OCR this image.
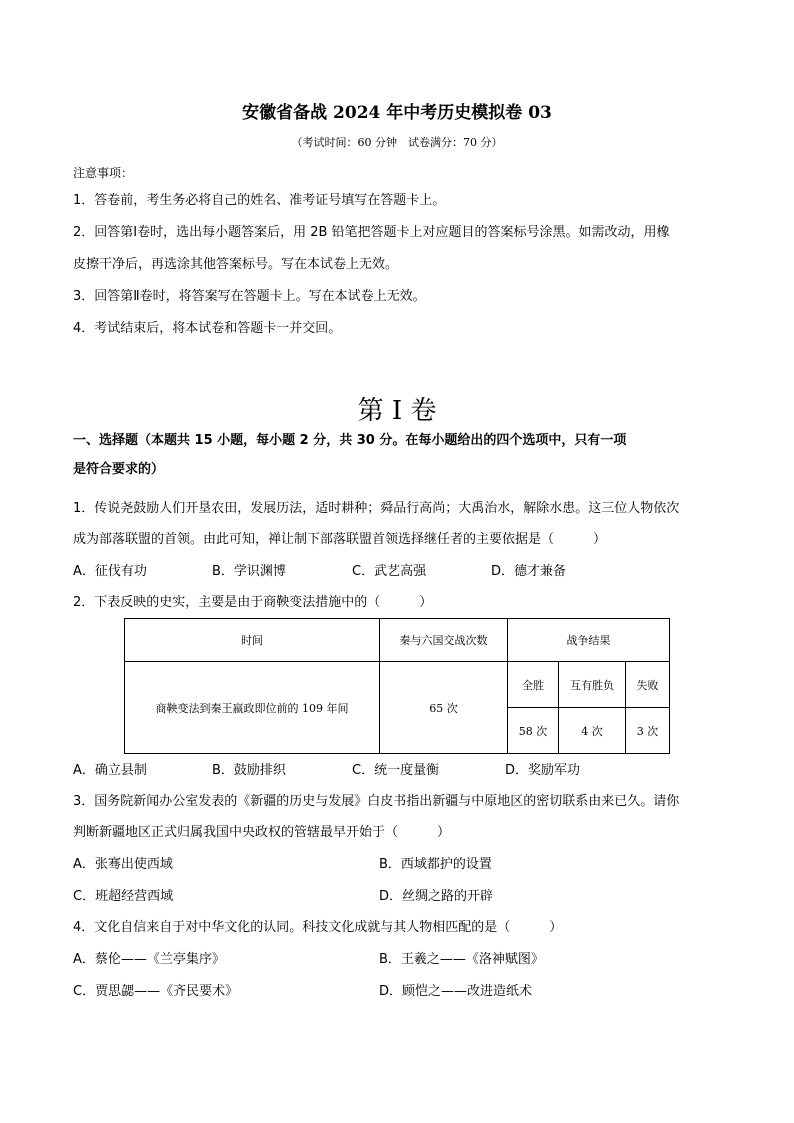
安徽省备战 2024 年中考历史模拟卷 03
（考试时间：60 分钟　试卷满分：70 分）
注意事项：
1．答卷前，考生务必将自己的姓名、准考证号填写在答题卡上。
2．回答第Ⅰ卷时，选出每小题答案后，用 2B 铅笔把答题卡上对应题目的答案标号涂黑。如需改动，用橡
皮擦干净后，再选涂其他答案标号。写在本试卷上无效。
3．回答第Ⅱ卷时，将答案写在答题卡上。写在本试卷上无效。
4．考试结束后，将本试卷和答题卡一并交回。
第 I 卷
一、选择题（本题共 15 小题，每小题 2 分，共 30 分。在每小题给出的四个选项中，只有一项
是符合要求的）
1．传说尧鼓励人们开垦农田，发展历法，适时耕种；舜品行高尚；大禹治水，解除水患。这三位人物依次
成为部落联盟的首领。由此可知，禅让制下部落联盟首领选择继任者的主要依据是（　　　）
A．征伐有功	B．学识渊博	C．武艺高强	D．德才兼备
2．下表反映的史实，主要是由于商鞅变法措施中的（　　　）
时间	秦与六国交战次数	战争结果		
商鞅变法到秦王嬴政即位前的 109 年间	65 次	全胜	互有胜负	失败
		58 次	4 次	3 次
A．确立县制	B．鼓励排织	C．统一度量衡	D．奖励军功
3．国务院新闻办公室发表的《新疆的历史与发展》白皮书指出新疆与中原地区的密切联系由来已久。请你
判断新疆地区正式归属我国中央政权的管辖最早开始于（　　　）
A．张骞出使西域	B．西域都护的设置
C．班超经营西域	D．丝绸之路的开辟
4．文化自信来自于对中华文化的认同。科技文化成就与其人物相匹配的是（　　　）
A．蔡伦——《兰亭集序》	B．王羲之——《洛神赋图》
C．贾思勰——《齐民要术》	D．顾恺之——改进造纸术
